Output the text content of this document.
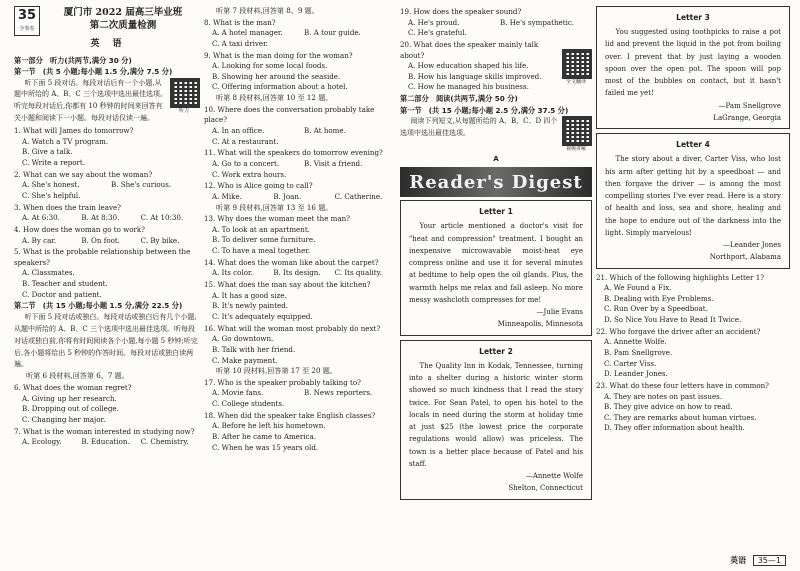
35
全参卷
厦门市 2022 届高三毕业班
第二次质量检测
英　语
第一部分　听力(共两节,满分 30 分)
第一节　(共 5 小题;每小题 1.5 分,满分 7.5 分)
听下面 5 段对话。每段对话后有一个小题,从题中所给的 A、B、C 三个选项中选出最佳选项。听完每段对话后,你都有 10 秒钟的时间来回答有关小题和阅读下一小题。每段对话仅读一遍。
听力
1. What will James do tomorrow?
A. Watch a TV program.
B. Give a talk.
C. Write a report.
2. What can we say about the woman?
A. She's honest.	B. She's curious.
C. She's helpful.
3. When does the train leave?
A. At 6:30.	B. At 8:30.	C. At 10:30.
4. How does the woman go to work?
A. By car.	B. On foot.	C. By bike.
5. What is the probable relationship between the speakers?
A. Classmates.
B. Teacher and student.
C. Doctor and patient.
第二节　(共 15 小题;每小题 1.5 分,满分 22.5 分)
听下面 5 段对话或独白。每段对话或独白后有几个小题,从题中所给的 A、B、C 三个选项中选出最佳选项。听每段对话或独白前,你将有时间阅读各个小题,每小题 5 秒钟;听完后,各小题将给出 5 秒钟的作答时间。每段对话或独白读两遍。
听第 6 段材料,回答第 6、7 题。
6. What does the woman regret?
A. Giving up her research.
B. Dropping out of college.
C. Changing her major.
7. What is the woman interested in studying now?
A. Ecology.	B. Education.	C. Chemistry.
听第 7 段材料,回答第 8、9 题。
8. What is the man?
A. A hotel manager.	B. A tour guide.
C. A taxi driver.
9. What is the man doing for the woman?
A. Looking for some local foods.
B. Showing her around the seaside.
C. Offering information about a hotel.
听第 8 段材料,回答第 10 至 12 题。
10. Where does the conversation probably take place?
A. In an office.	B. At home.
C. At a restaurant.
11. What will the speakers do tomorrow evening?
A. Go to a concert.	B. Visit a friend.
C. Work extra hours.
12. Who is Alice going to call?
A. Mike.	B. Joan.	C. Catherine.
听第 9 段材料,回答第 13 至 16 题。
13. Why does the woman meet the man?
A. To look at an apartment.
B. To deliver some furniture.
C. To have a meal together.
14. What does the woman like about the carpet?
A. Its color.	B. Its design.	C. Its quality.
15. What does the man say about the kitchen?
A. It has a good size.
B. It's newly painted.
C. It's adequately equipped.
16. What will the woman most probably do next?
A. Go downtown.
B. Talk with her friend.
C. Make payment.
听第 10 段材料,回答第 17 至 20 题。
17. Who is the speaker probably talking to?
A. Movie fans.	B. News reporters.
C. College students.
18. When did the speaker take English classes?
A. Before he left his hometown.
B. After he came to America.
C. When he was 15 years old.
19. How does the speaker sound?
A. He's proud.	B. He's sympathetic.
C. He's grateful.
20. What does the speaker mainly talk about?
A. How education shaped his life.
B. How his language skills improved.
C. How he managed his business.
全文翻译
第二部分　阅读(共两节,满分 50 分)
第一节　(共 15 小题;每小题 2.5 分,满分 37.5 分)
阅读下列短文,从每题所给的 A、B、C、D 四个选项中选出最佳选项。
视频讲解
A
Reader's Digest
Letter 1
Your article mentioned a doctor's visit for "heat and compression" treatment. I bought an inexpensive microwavable moist-heat eye compress online and use it for several minutes at bedtime to help open the oil glands. Plus, the warmth helps me relax and fall asleep. No more messy washcloth compresses for me!
—Julie Evans
Minneapolis, Minnesota
Letter 2
The Quality Inn in Kodak, Tennessee, turning into a shelter during a historic winter storm showed so much kindness that I read the story twice. For Sean Patel, to open his hotel to the locals in need during the storm at holiday time at just $25 (the lowest price the corporate regulations would allow) was priceless. The town is a better place because of Patel and his staff.
—Annette Wolfe
Shelton, Connecticut
Letter 3
You suggested using toothpicks to raise a pot lid and prevent the liquid in the pot from boiling over. I prevent that by just laying a wooden spoon over the open pot. The spoon will pop most of the bubbles on contact, but it hasn't failed me yet!
—Pam Snellgrove
LaGrange, Georgia
Letter 4
The story about a diver, Carter Viss, who lost his arm after getting hit by a speedboat — and then forgave the driver — is among the most compelling stories I've ever read. Here is a story of health and loss, sea and shore, healing and the hope to endure out of the darkness into the light. Simply marvelous!
—Leander Jones
Northport, Alabama
21. Which of the following highlights Letter 1?
A. We Found a Fix.
B. Dealing with Eye Problems.
C. Run Over by a Speedboat.
D. So Nice You Have to Read It Twice.
22. Who forgave the driver after an accident?
A. Annette Wolfe.
B. Pam Snellgrove.
C. Carter Viss.
D. Leander Jones.
23. What do these four letters have in common?
A. They are notes on past issues.
B. They give advice on how to read.
C. They are remarks about human virtues.
D. They offer information about health.
英语 35—1
